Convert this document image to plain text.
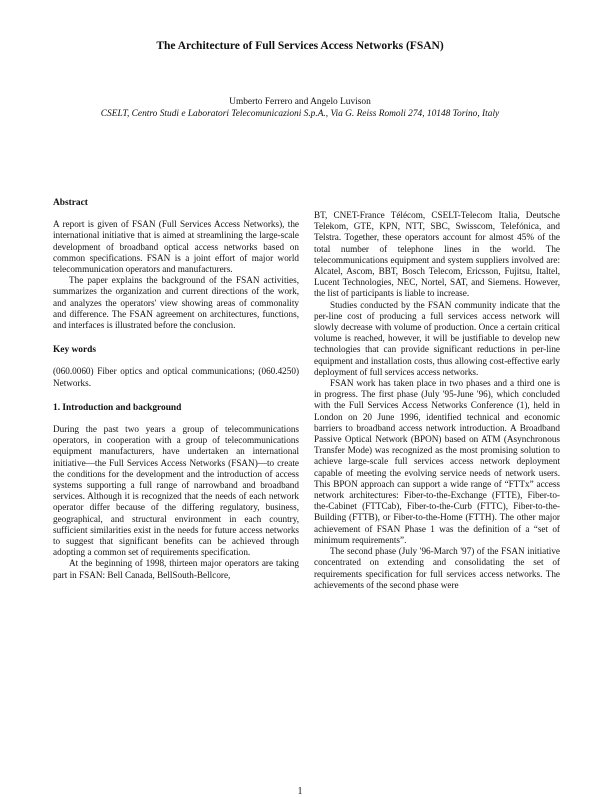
The Architecture of Full Services Access Networks (FSAN)
Umberto Ferrero and Angelo Luvison
CSELT, Centro Studi e Laboratori Telecomunicazioni S.p.A., Via G. Reiss Romoli 274, 10148 Torino, Italy
Abstract

A report is given of FSAN (Full Services Access Networks), the international initiative that is aimed at streamlining the large-scale development of broadband optical access networks based on common specifications. FSAN is a joint effort of major world telecommunication operators and manufacturers.

The paper explains the background of the FSAN activities, summarizes the organization and current directions of the work, and analyzes the operators' view showing areas of commonality and difference. The FSAN agreement on architectures, functions, and interfaces is illustrated before the conclusion.

Key words

(060.0060) Fiber optics and optical communications; (060.4250) Networks.

1. Introduction and background

During the past two years a group of telecommunications operators, in cooperation with a group of telecommunications equipment manufacturers, have undertaken an international initiative—the Full Services Access Networks (FSAN)—to create the conditions for the development and the introduction of access systems supporting a full range of narrowband and broadband services. Although it is recognized that the needs of each network operator differ because of the differing regulatory, business, geographical, and structural environment in each country, sufficient similarities exist in the needs for future access networks to suggest that significant benefits can be achieved through adopting a common set of requirements specification.

At the beginning of 1998, thirteen major operators are taking part in FSAN: Bell Canada, BellSouth-Bellcore,

BT, CNET-France Télécom, CSELT-Telecom Italia, Deutsche Telekom, GTE, KPN, NTT, SBC, Swisscom, Telefónica, and Telstra. Together, these operators account for almost 45% of the total number of telephone lines in the world. The telecommunications equipment and system suppliers involved are: Alcatel, Ascom, BBT, Bosch Telecom, Ericsson, Fujitsu, Italtel, Lucent Technologies, NEC, Nortel, SAT, and Siemens. However, the list of participants is liable to increase.

Studies conducted by the FSAN community indicate that the per-line cost of producing a full services access network will slowly decrease with volume of production. Once a certain critical volume is reached, however, it will be justifiable to develop new technologies that can provide significant reductions in per-line equipment and installation costs, thus allowing cost-effective early deployment of full services access networks.

FSAN work has taken place in two phases and a third one is in progress. The first phase (July '95-June '96), which concluded with the Full Services Access Networks Conference (1), held in London on 20 June 1996, identified technical and economic barriers to broadband access network introduction. A Broadband Passive Optical Network (BPON) based on ATM (Asynchronous Transfer Mode) was recognized as the most promising solution to achieve large-scale full services access network deployment capable of meeting the evolving service needs of network users. This BPON approach can support a wide range of “FTTx” access network architectures: Fiber-to-the-Exchange (FTTE), Fiber-to-the-Cabinet (FTTCab), Fiber-to-the-Curb (FTTC), Fiber-to-the-Building (FTTB), or Fiber-to-the-Home (FTTH). The other major achievement of FSAN Phase 1 was the definition of a “set of minimum requirements”.

The second phase (July '96-March '97) of the FSAN initiative concentrated on extending and consolidating the set of requirements specification for full services access networks. The achievements of the second phase were

1
